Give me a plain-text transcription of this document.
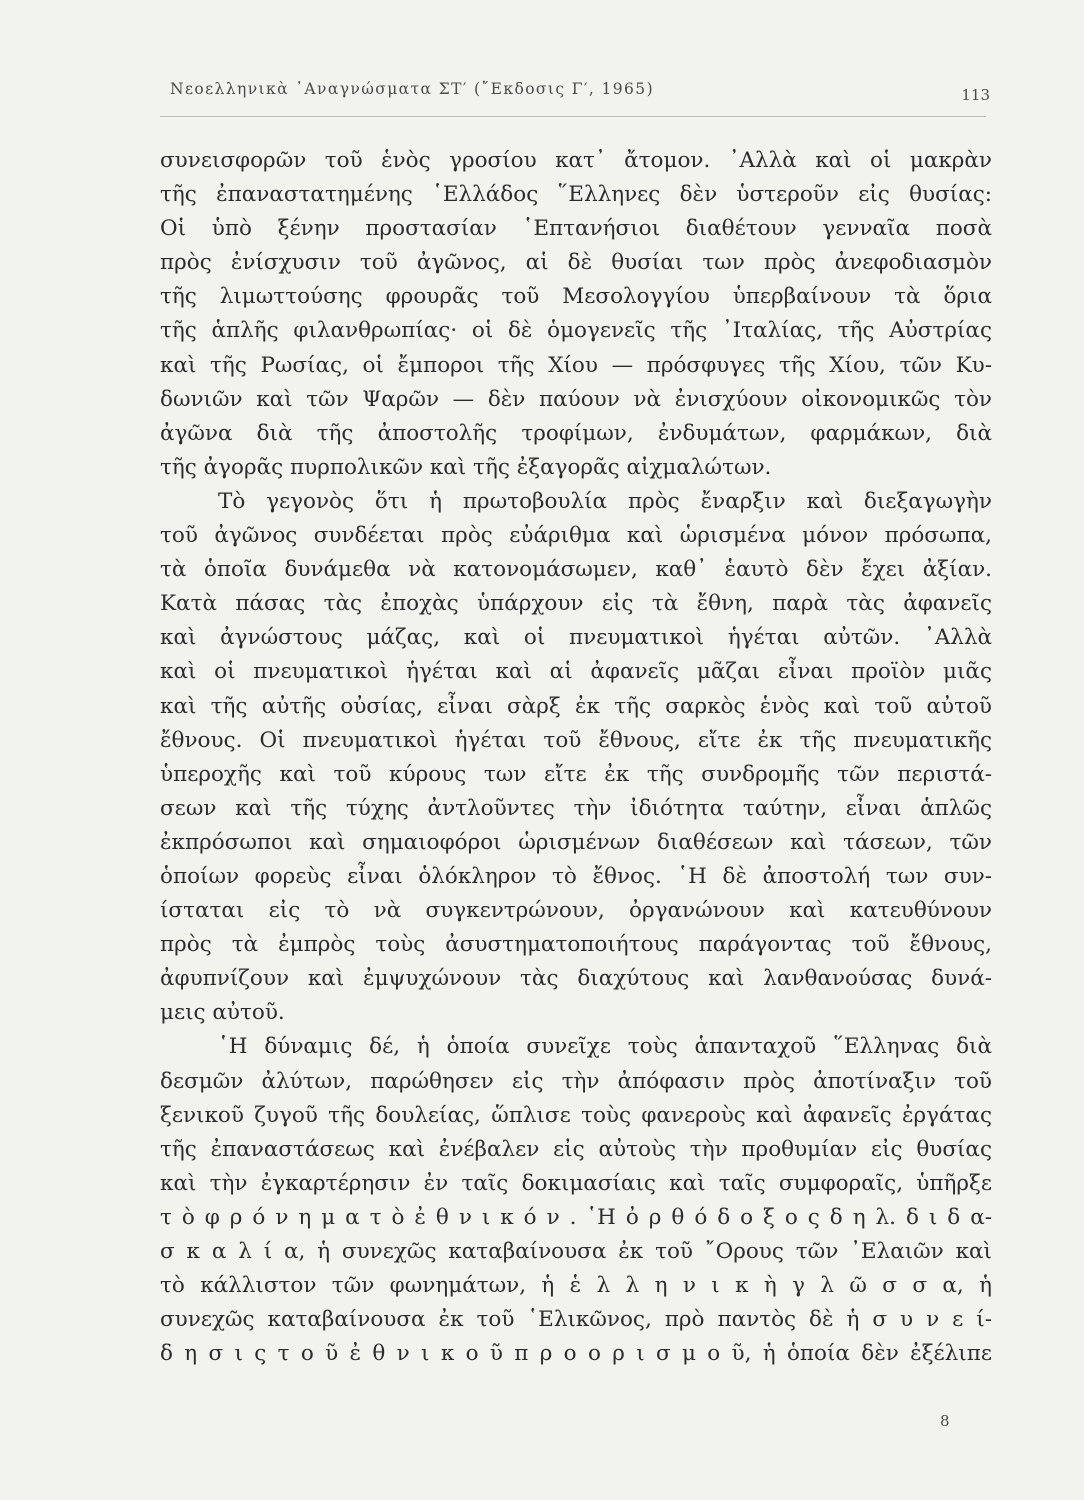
Νεοελληνικὰ ᾿Αναγνώσματα ΣΤ′ (῎Εκδοσις Γ′, 1965)	113
συνεισφορῶν τοῦ ἑνὸς γροσίου κατ᾿ ἄτομον. ᾿Αλλὰ καὶ οἱ μακρὰν
τῆς ἐπαναστατημένης ῾Ελλάδος ῞Ελληνες δὲν ὑστεροῦν εἰς θυσίας:
Οἱ ὑπὸ ξένην προστασίαν ῾Επτανήσιοι διαθέτουν γενναῖα ποσὰ
πρὸς ἐνίσχυσιν τοῦ ἀγῶνος, αἱ δὲ θυσίαι των πρὸς ἀνεφοδιασμὸν
τῆς λιμωττούσης φρουρᾶς τοῦ Μεσολογγίου ὑπερβαίνουν τὰ ὅρια
τῆς ἁπλῆς φιλανθρωπίας· οἱ δὲ ὁμογενεῖς τῆς ᾿Ιταλίας, τῆς Αὐστρίας
καὶ τῆς Ρωσίας, οἱ ἔμποροι τῆς Χίου — πρόσφυγες τῆς Χίου, τῶν Κυ-
δωνιῶν καὶ τῶν Ψαρῶν — δὲν παύουν νὰ ἐνισχύουν οἰκονομικῶς τὸν
ἀγῶνα διὰ τῆς ἀποστολῆς τροφίμων, ἐνδυμάτων, φαρμάκων, διὰ
τῆς ἀγορᾶς πυρπολικῶν καὶ τῆς ἐξαγορᾶς αἰχμαλώτων.
Τὸ γεγονὸς ὅτι ἡ πρωτοβουλία πρὸς ἔναρξιν καὶ διεξαγωγὴν
τοῦ ἀγῶνος συνδέεται πρὸς εὐάριθμα καὶ ὡρισμένα μόνον πρόσωπα,
τὰ ὁποῖα δυνάμεθα νὰ κατονομάσωμεν, καθ᾿ ἑαυτὸ δὲν ἔχει ἀξίαν.
Κατὰ πάσας τὰς ἐποχὰς ὑπάρχουν εἰς τὰ ἔθνη, παρὰ τὰς ἀφανεῖς
καὶ ἀγνώστους μάζας, καὶ οἱ πνευματικοὶ ἡγέται αὐτῶν. ᾿Αλλὰ
καὶ οἱ πνευματικοὶ ἡγέται καὶ αἱ ἀφανεῖς μᾶζαι εἶναι προϊὸν μιᾶς
καὶ τῆς αὐτῆς οὐσίας, εἶναι σὰρξ ἐκ τῆς σαρκὸς ἑνὸς καὶ τοῦ αὐτοῦ
ἔθνους. Οἱ πνευματικοὶ ἡγέται τοῦ ἔθνους, εἴτε ἐκ τῆς πνευματικῆς
ὑπεροχῆς καὶ τοῦ κύρους των εἴτε ἐκ τῆς συνδρομῆς τῶν περιστά-
σεων καὶ τῆς τύχης ἀντλοῦντες τὴν ἰδιότητα ταύτην, εἶναι ἁπλῶς
ἐκπρόσωποι καὶ σημαιοφόροι ὡρισμένων διαθέσεων καὶ τάσεων, τῶν
ὁποίων φορεὺς εἶναι ὁλόκληρον τὸ ἔθνος. ῾Η δὲ ἀποστολή των συν-
ίσταται εἰς τὸ νὰ συγκεντρώνουν, ὀργανώνουν καὶ κατευθύνουν
πρὸς τὰ ἐμπρὸς τοὺς ἀσυστηματοποιήτους παράγοντας τοῦ ἔθνους,
ἀφυπνίζουν καὶ ἐμψυχώνουν τὰς διαχύτους καὶ λανθανούσας δυνά-
μεις αὐτοῦ.
῾Η δύναμις δέ, ἡ ὁποία συνεῖχε τοὺς ἁπανταχοῦ ῞Ελληνας διὰ
δεσμῶν ἀλύτων, παρώθησεν εἰς τὴν ἀπόφασιν πρὸς ἀποτίναξιν τοῦ
ξενικοῦ ζυγοῦ τῆς δουλείας, ὥπλισε τοὺς φανεροὺς καὶ ἀφανεῖς ἐργάτας
τῆς ἐπαναστάσεως καὶ ἐνέβαλεν εἰς αὐτοὺς τὴν προθυμίαν εἰς θυσίας
καὶ τὴν ἐγκαρτέρησιν ἐν ταῖς δοκιμασίαις καὶ ταῖς συμφοραῖς, ὑπῆρξε
τ ὸ φ ρ ό ν η μ α τ ὸ ἐ θ ν ι κ ό ν . ῾Η ὀ ρ θ ό δ ο ξ ο ς δ η λ. δ ι δ α-
σ κ α λ ί α, ἡ συνεχῶς καταβαίνουσα ἐκ τοῦ ῎Ορους τῶν ᾿Ελαιῶν καὶ
τὸ κάλλιστον τῶν φωνημάτων, ἡ ἑ λ λ η ν ι κ ὴ γ λ ῶ σ σ α, ἡ
συνεχῶς καταβαίνουσα ἐκ τοῦ ῾Ελικῶνος, πρὸ παντὸς δὲ ἡ σ υ ν ε ί-
δ η σ ι ς τ ο ῦ ἐ θ ν ι κ ο ῦ π ρ ο ο ρ ι σ μ ο ῦ, ἡ ὁποία δὲν ἐξέλιπε
8
